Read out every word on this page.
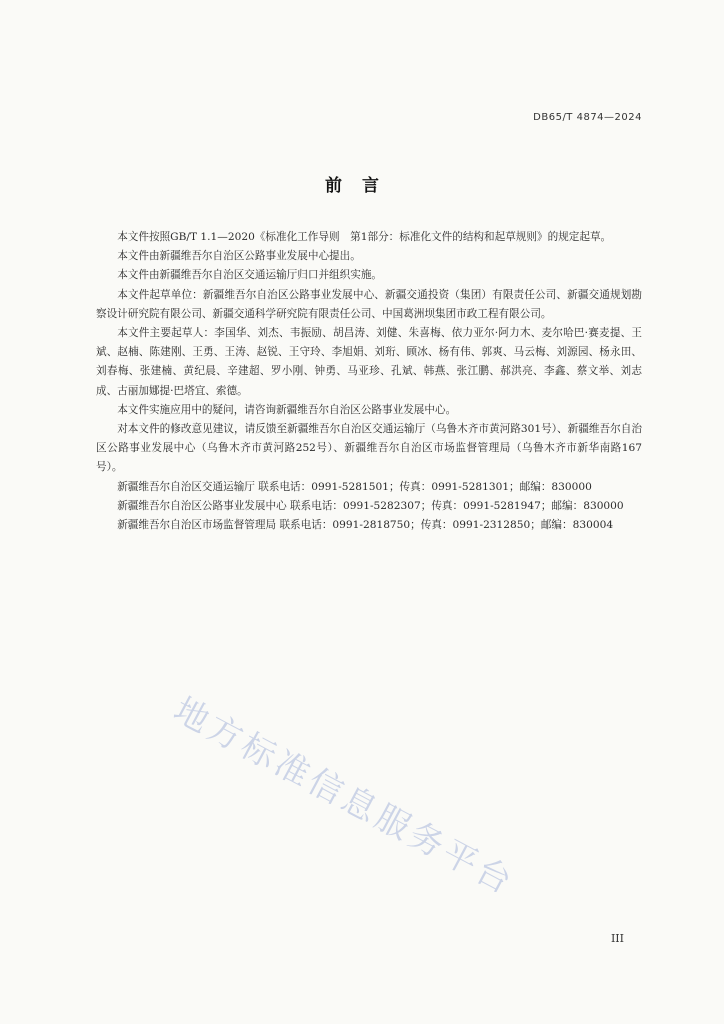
DB65/T 4874—2024
前言

本文件按照GB/T 1.1—2020《标准化工作导则　第1部分：标准化文件的结构和起草规则》的规定起草。

本文件由新疆维吾尔自治区公路事业发展中心提出。

本文件由新疆维吾尔自治区交通运输厅归口并组织实施。

本文件起草单位：新疆维吾尔自治区公路事业发展中心、新疆交通投资（集团）有限责任公司、新疆交通规划勘察设计研究院有限公司、新疆交通科学研究院有限责任公司、中国葛洲坝集团市政工程有限公司。

本文件主要起草人：李国华、刘杰、韦振励、胡昌涛、刘健、朱喜梅、依力亚尔·阿力木、麦尔哈巴·赛麦提、王斌、赵楠、陈建刚、王勇、王涛、赵锐、王守玲、李旭娟、刘珩、顾冰、杨有伟、郭爽、马云梅、刘源园、杨永田、刘春梅、张建楠、黄纪晨、辛建超、罗小刚、钟勇、马亚珍、孔斌、韩燕、张江鹏、郝洪亮、李鑫、蔡文举、刘志成、古丽加娜提·巴塔宜、索德。

本文件实施应用中的疑问，请咨询新疆维吾尔自治区公路事业发展中心。

对本文件的修改意见建议，请反馈至新疆维吾尔自治区交通运输厅（乌鲁木齐市黄河路301号）、新疆维吾尔自治区公路事业发展中心（乌鲁木齐市黄河路252号）、新疆维吾尔自治区市场监督管理局（乌鲁木齐市新华南路167号）。

新疆维吾尔自治区交通运输厅 联系电话：0991-5281501；传真：0991-5281301；邮编：830000

新疆维吾尔自治区公路事业发展中心 联系电话：0991-5282307；传真：0991-5281947；邮编：830000

新疆维吾尔自治区市场监督管理局 联系电话：0991-2818750；传真：0991-2312850；邮编：830004

地方标准信息服务平台
III
